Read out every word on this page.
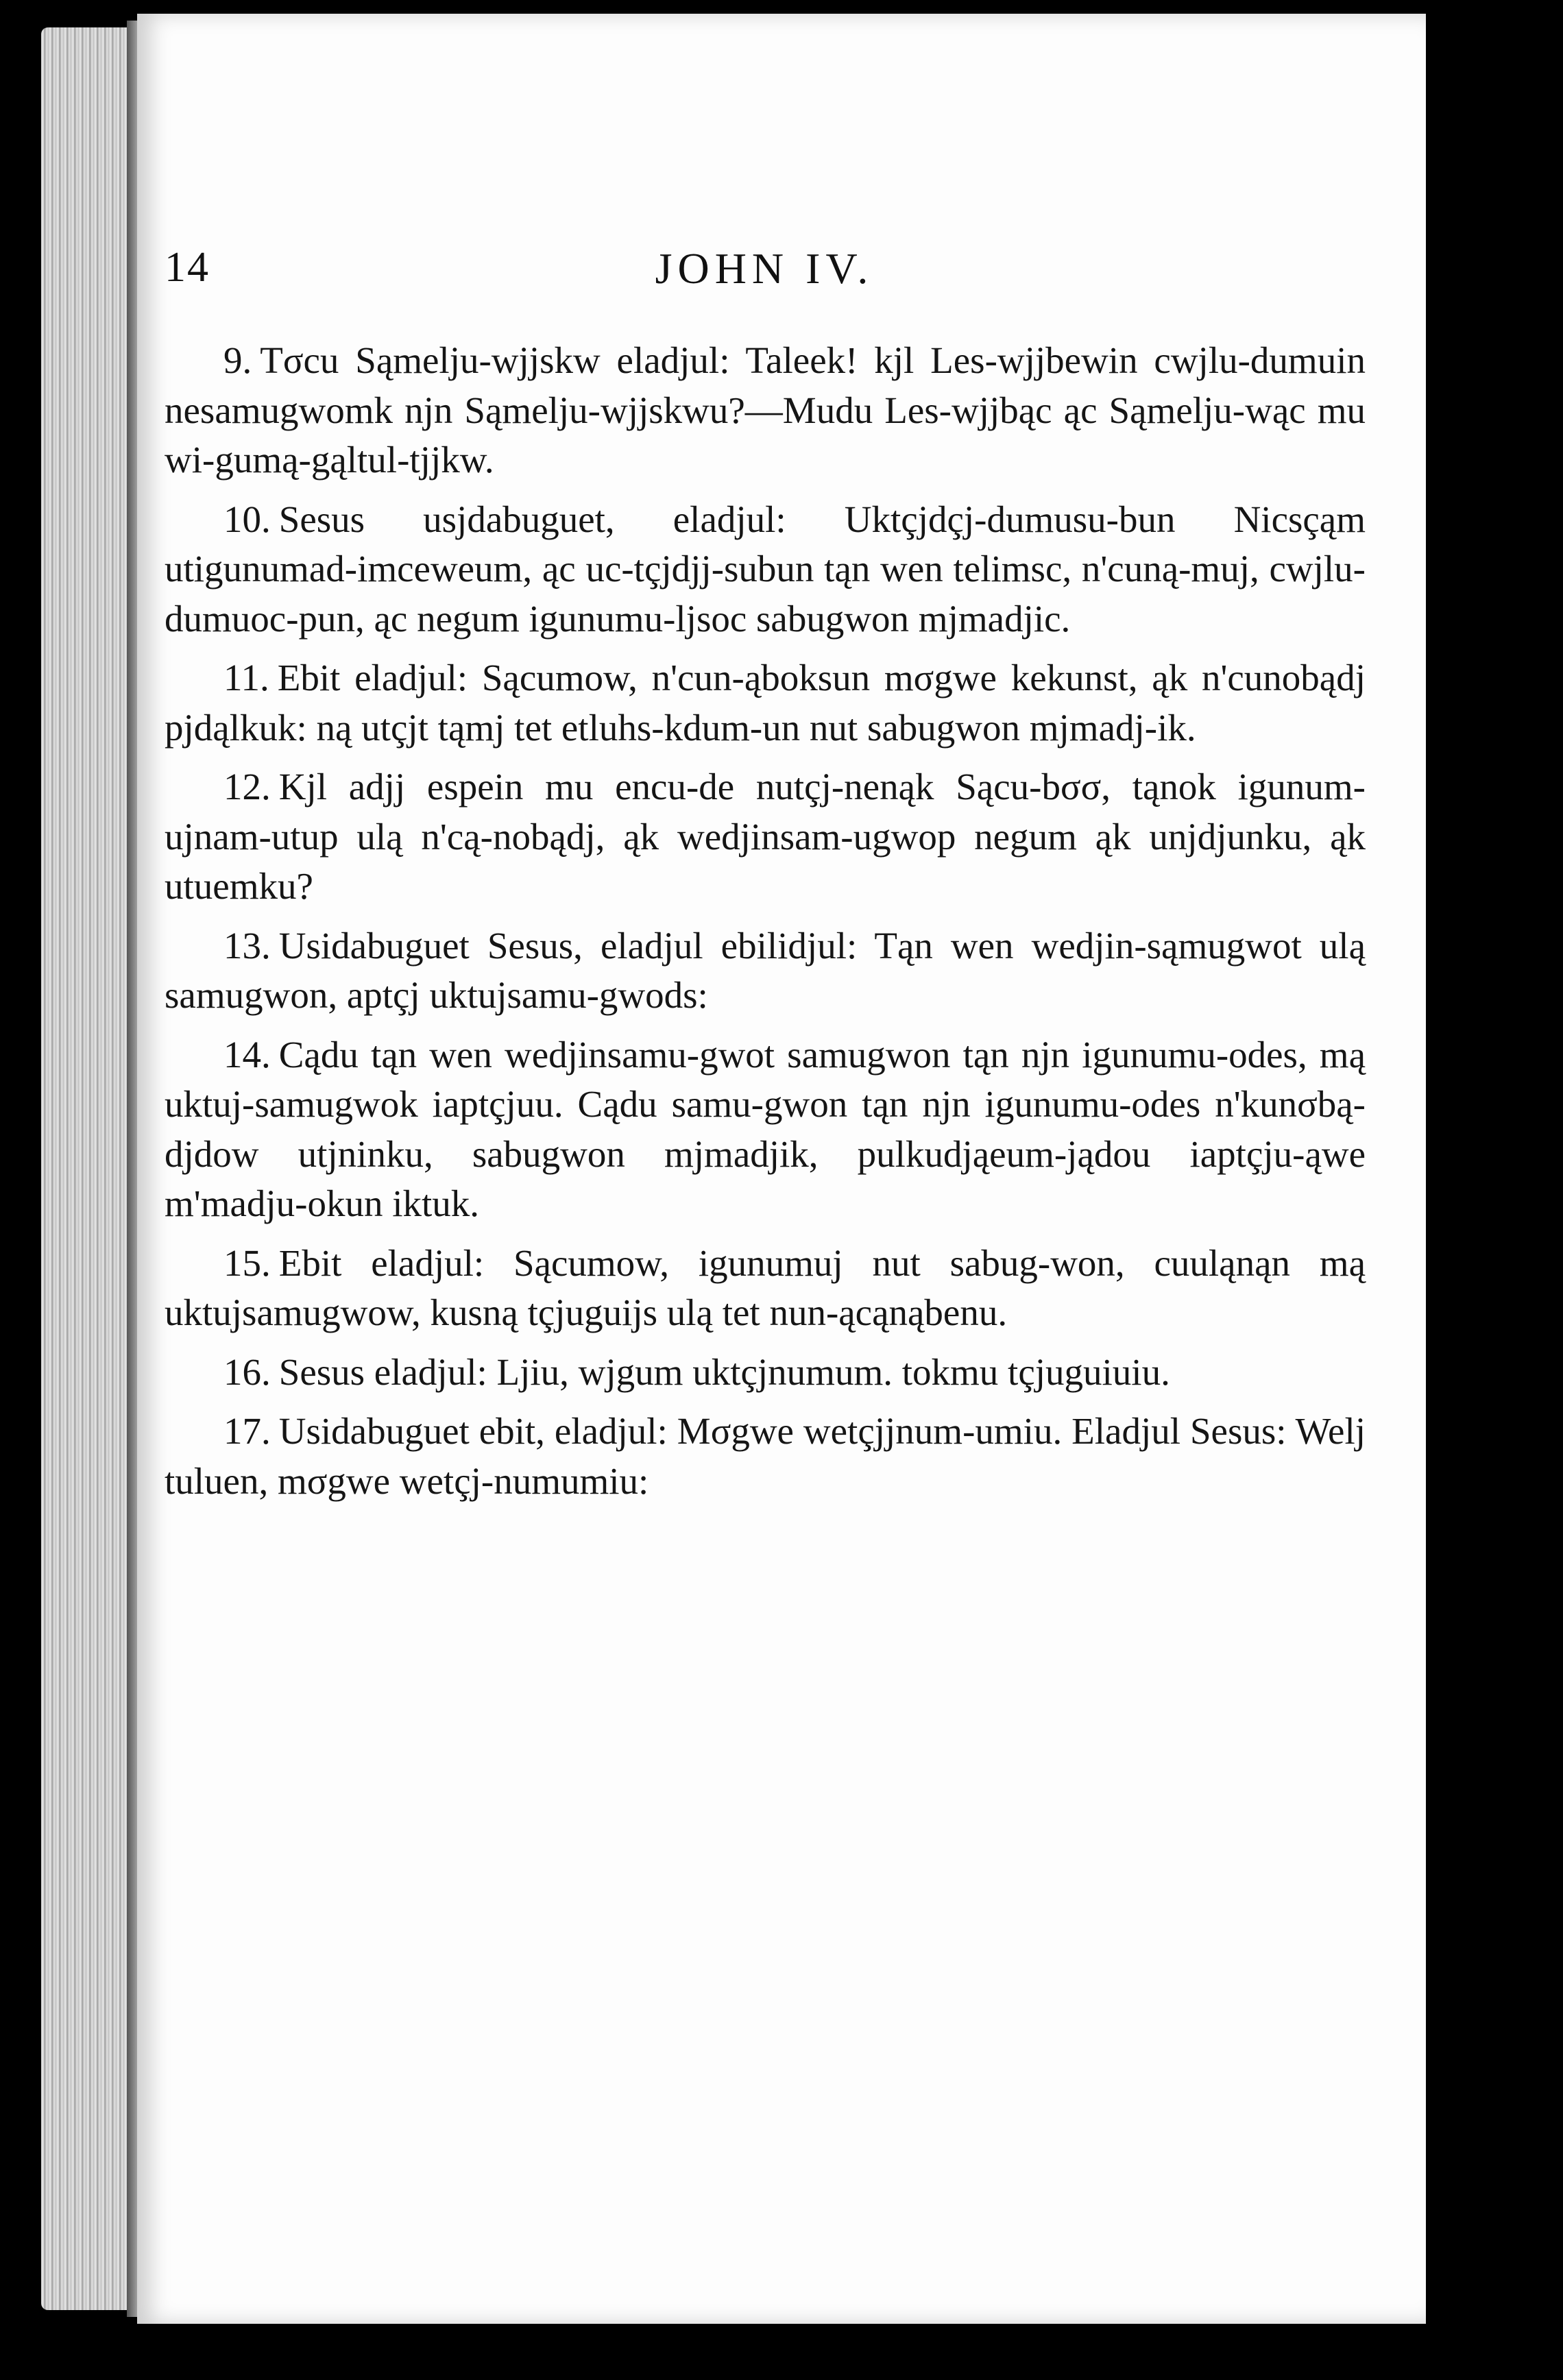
14	JOHN IV.

9. Tσcu Sąmelju-wjjskw eladjul: Taleek! kjl Les-wjjbewin cwjlu-dumuin nesamugwomk njn Sąmelju-wjjskwu?—Mudu Les-wjjbąc ąc Sąmelju-wąc mu wi-gumą-gąltul-tjjkw.

10. Sesus usjdabuguet, eladjul: Uktçjdçj-dumusu-bun Nicsçąm utigunumad-imceweum, ąc uc-tçjdjj-subun tąn wen telimsc, n'cuną-muj, cwjlu-dumuoc-pun, ąc negum igunumu-ljsoc sabugwon mjmadjic.

11. Ebit eladjul: Sącumow, n'cun-ąboksun mσgwe kekunst, ąk n'cunobądj pjdąlkuk: ną utçjt tąmj tet etluhs-kdum-un nut sabugwon mjmadj-ik.

12. Kjl adjj espein mu encu-de nutçj-nenąk Sącu-bσσ, tąnok igunum-ujnam-utup ulą n'cą-nobądj, ąk wedjinsam-ugwop negum ąk unjdjunku, ąk utuemku?

13. Usidabuguet Sesus, eladjul ebilidjul: Tąn wen wedjin-sąmugwot ulą samugwon, aptçj uktujsamu-gwods:

14. Cądu tąn wen wedjinsamu-gwot samugwon tąn njn igunumu-odes, mą uktuj-samugwok iaptçjuu. Cądu samu-gwon tąn njn igunumu-odes n'kunσbą-djdow utjninku, sabugwon mjmadjik, pulkudjąeum-jądou iaptçju-ąwe m'madju-okun iktuk.

15. Ebit eladjul: Sącumow, igunumuj nut sabug-won, cuuląnąn mą uktujsamugwow, kusną tçjuguijs ulą tet nun-ącąnąbenu.

16. Sesus eladjul: Ljiu, wjgum uktçjnumum. tokmu tçjuguiuiu.

17. Usidabuguet ebit, eladjul: Mσgwe wetçjjnum-umiu. Eladjul Sesus: Welj tuluen, mσgwe wetçj-numumiu:
